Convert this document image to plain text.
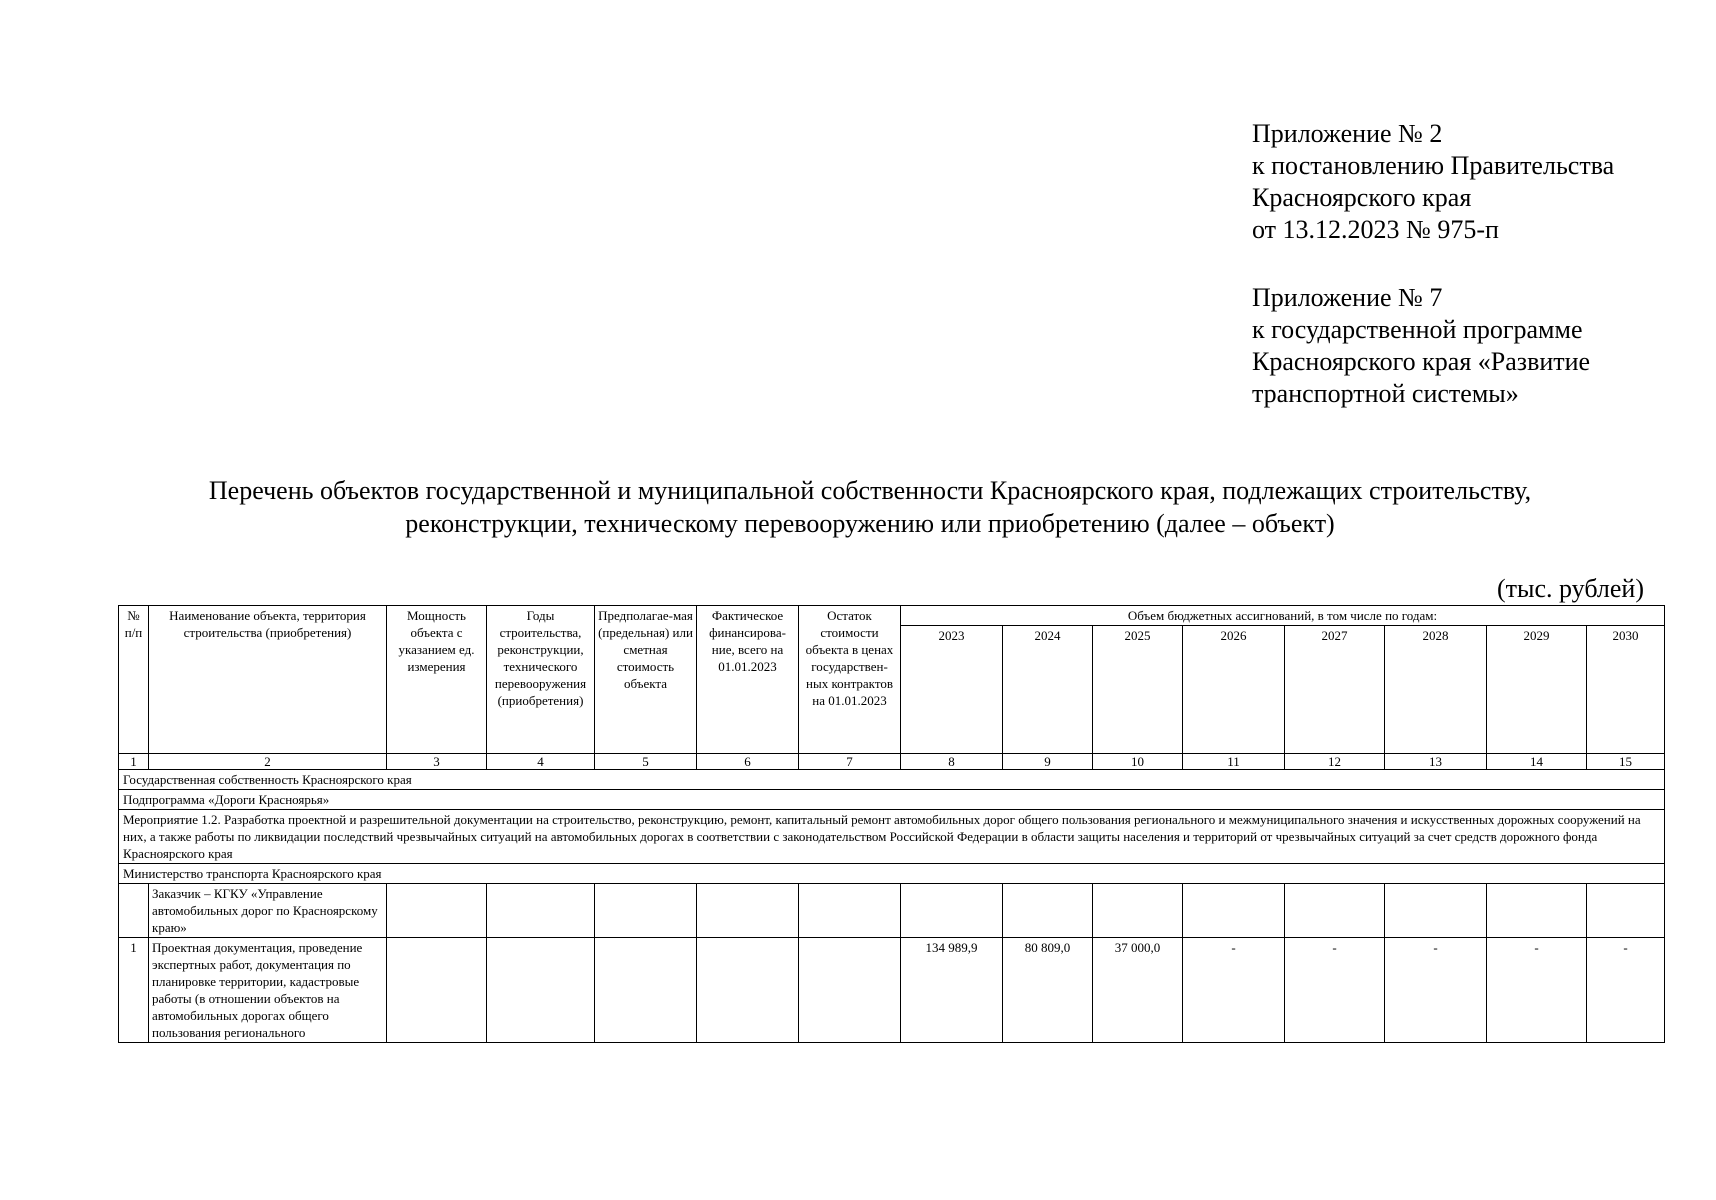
Приложение № 2
к постановлению Правительства
Красноярского края
от 13.12.2023 № 975-п
Приложение № 7
к государственной программе
Красноярского края «Развитие
транспортной системы»
Перечень объектов государственной и муниципальной собственности Красноярского края, подлежащих строительству,
реконструкции, техническому перевооружению или приобретению (далее – объект)
(тыс. рублей)
№ п/п	Наименование объекта, территория строительства (приобретения)	Мощность объекта с указанием ед. измерения	Годы строительства, реконструкции, технического перевооружения (приобретения)	Предполагае-мая (предельная) или сметная стоимость объекта	Фактическое финансирова-ние, всего на 01.01.2023	Остаток стоимости объекта в ценах государствен-ных контрактов на 01.01.2023	Объем бюджетных ассигнований, в том числе по годам:							
							2023	2024	2025	2026	2027	2028	2029	2030
1	2	3	4	5	6	7	8	9	10	11	12	13	14	15
Государственная собственность Красноярского края														
Подпрограмма «Дороги Красноярья»														
Мероприятие 1.2. Разработка проектной и разрешительной документации на строительство, реконструкцию, ремонт, капитальный ремонт автомобильных дорог общего пользования регионального и межмуниципального значения и искусственных дорожных сооружений на них, а также работы по ликвидации последствий чрезвычайных ситуаций на автомобильных дорогах в соответствии с законодательством Российской Федерации в области защиты населения и территорий от чрезвычайных ситуаций за счет средств дорожного фонда Красноярского края														
Министерство транспорта Красноярского края														
	Заказчик – КГКУ «Управление автомобильных дорог по Красноярскому краю»													
1	Проектная документация, проведение экспертных работ, документация по планировке территории, кадастровые работы (в отношении объектов на автомобильных дорогах общего пользования регионального						134 989,9	80 809,0	37 000,0	-	-	-	-	-
